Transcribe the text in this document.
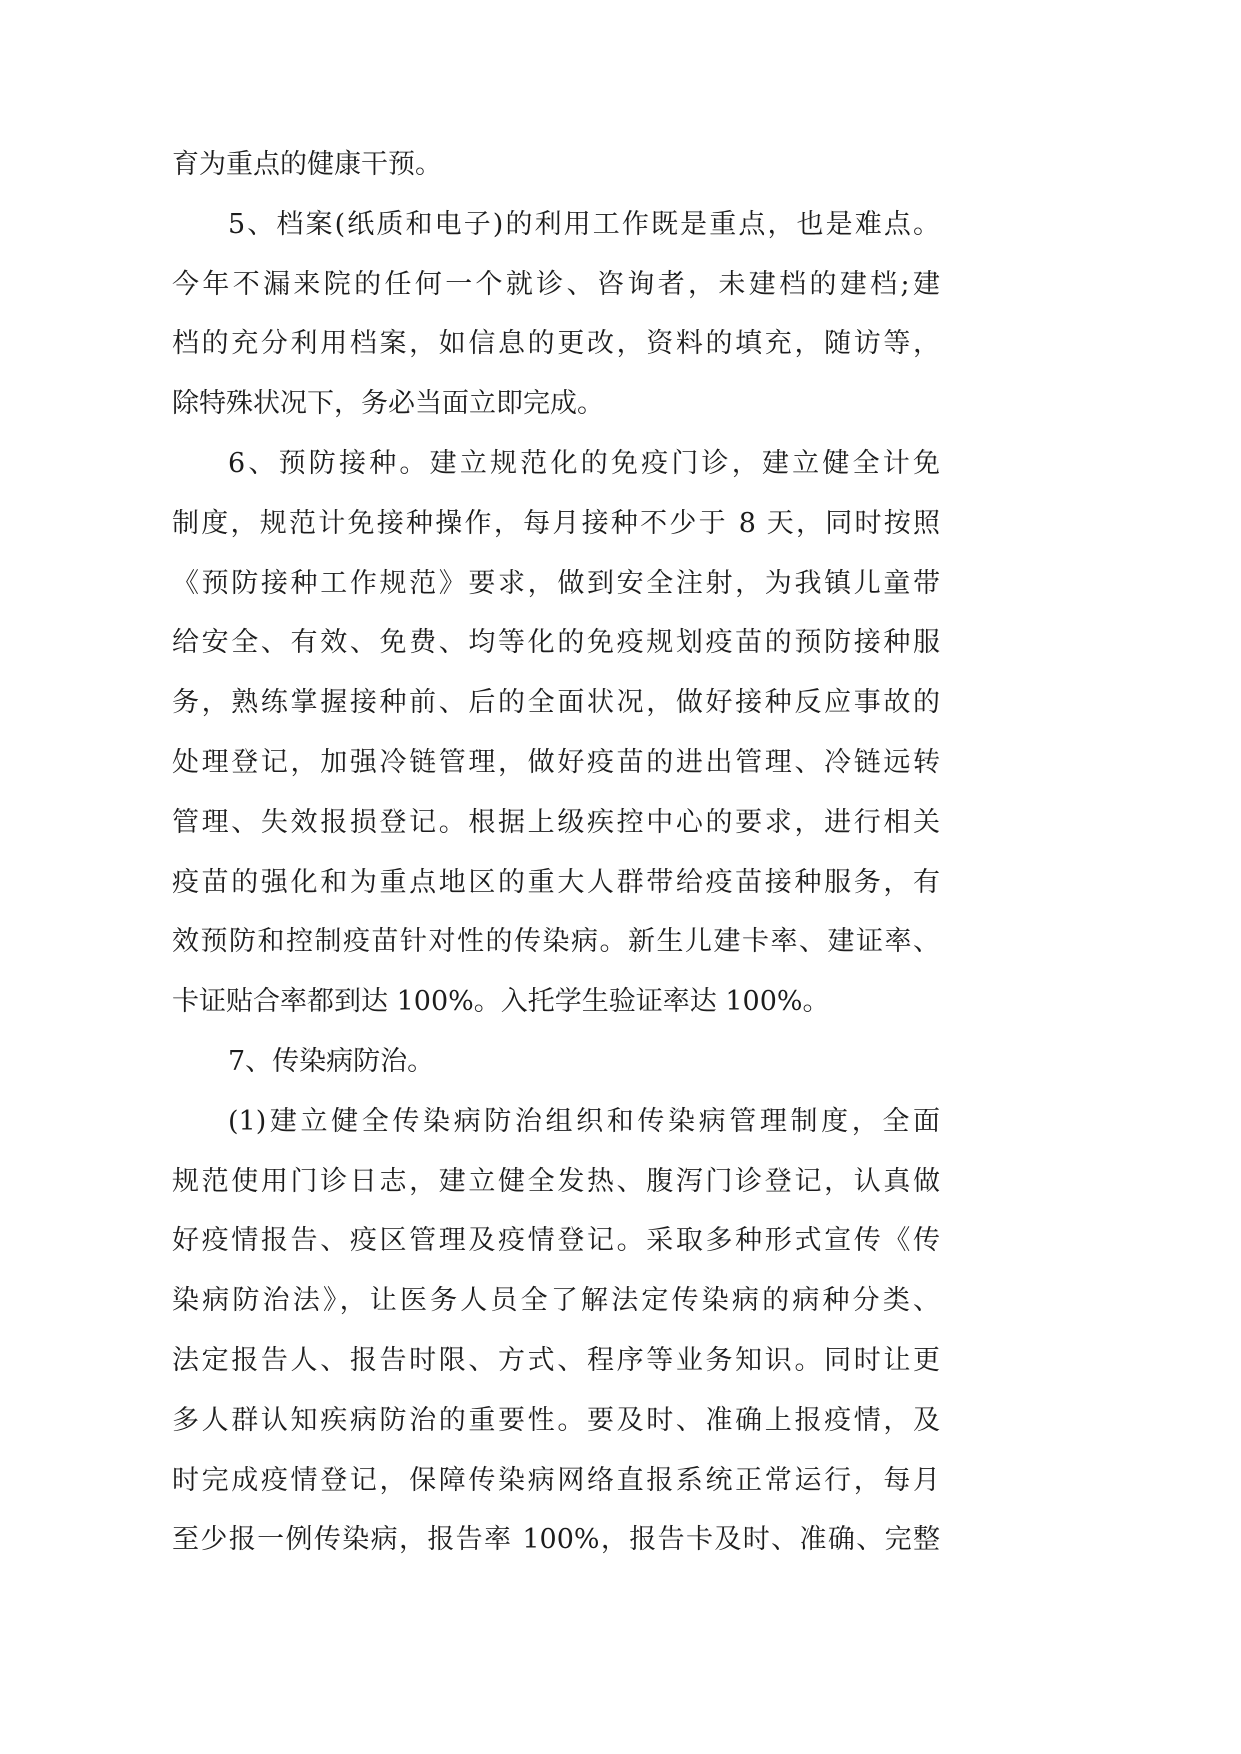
育为重点的健康干预。
5、档案(纸质和电子)的利用工作既是重点，也是难点。
今年不漏来院的任何一个就诊、咨询者，未建档的建档;建
档的充分利用档案，如信息的更改，资料的填充，随访等，
除特殊状况下，务必当面立即完成。
6、预防接种。建立规范化的免疫门诊，建立健全计免
制度，规范计免接种操作，每月接种不少于 8 天，同时按照
《预防接种工作规范》要求，做到安全注射，为我镇儿童带
给安全、有效、免费、均等化的免疫规划疫苗的预防接种服
务，熟练掌握接种前、后的全面状况，做好接种反应事故的
处理登记，加强冷链管理，做好疫苗的进出管理、冷链远转
管理、失效报损登记。根据上级疾控中心的要求，进行相关
疫苗的强化和为重点地区的重大人群带给疫苗接种服务，有
效预防和控制疫苗针对性的传染病。新生儿建卡率、建证率、
卡证贴合率都到达 100%。入托学生验证率达 100%。
7、传染病防治。
(1)建立健全传染病防治组织和传染病管理制度，全面
规范使用门诊日志，建立健全发热、腹泻门诊登记，认真做
好疫情报告、疫区管理及疫情登记。采取多种形式宣传《传
染病防治法》，让医务人员全了解法定传染病的病种分类、
法定报告人、报告时限、方式、程序等业务知识。同时让更
多人群认知疾病防治的重要性。要及时、准确上报疫情，及
时完成疫情登记，保障传染病网络直报系统正常运行，每月
至少报一例传染病，报告率 100%，报告卡及时、准确、完整
